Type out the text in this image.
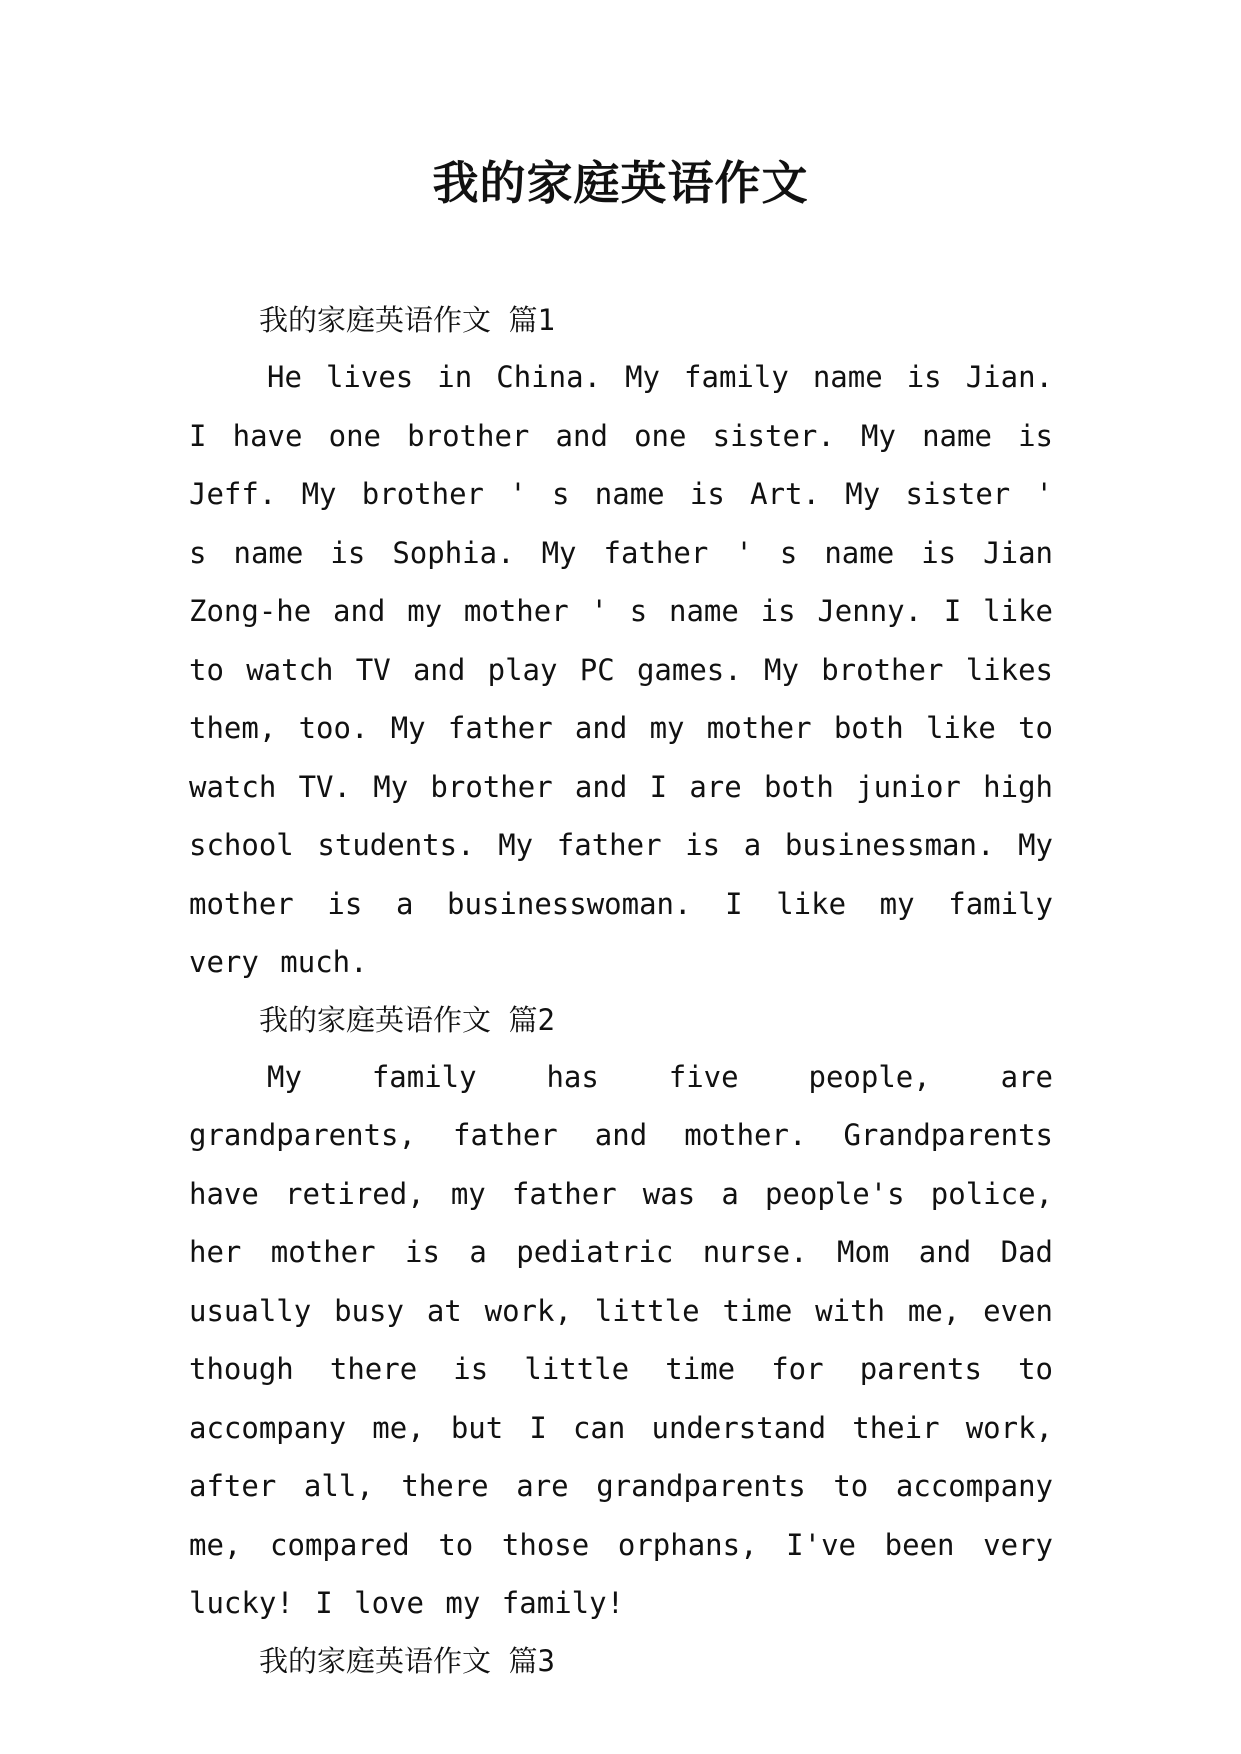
我的家庭英语作文
我的家庭英语作文 篇1

He lives in China. My family name is Jian. I have one brother and one sister. My name is Jeff. My brother ' s name is Art. My sister ' s name is Sophia. My father ' s name is Jian Zong-he and my mother ' s name is Jenny. I like to watch TV and play PC games. My brother likes them, too. My father and my mother both like to watch TV. My brother and I are both junior high school students. My father is a businessman. My mother is a businesswoman. I like my family very much.

我的家庭英语作文 篇2

My family has five people, are grandparents, father and mother. Grandparents have retired, my father was a people's police, her mother is a pediatric nurse. Mom and Dad usually busy at work, little time with me, even though there is little time for parents to accompany me, but I can understand their work, after all, there are grandparents to accompany me, compared to those orphans, I've been very lucky! I love my family!

我的家庭英语作文 篇3
